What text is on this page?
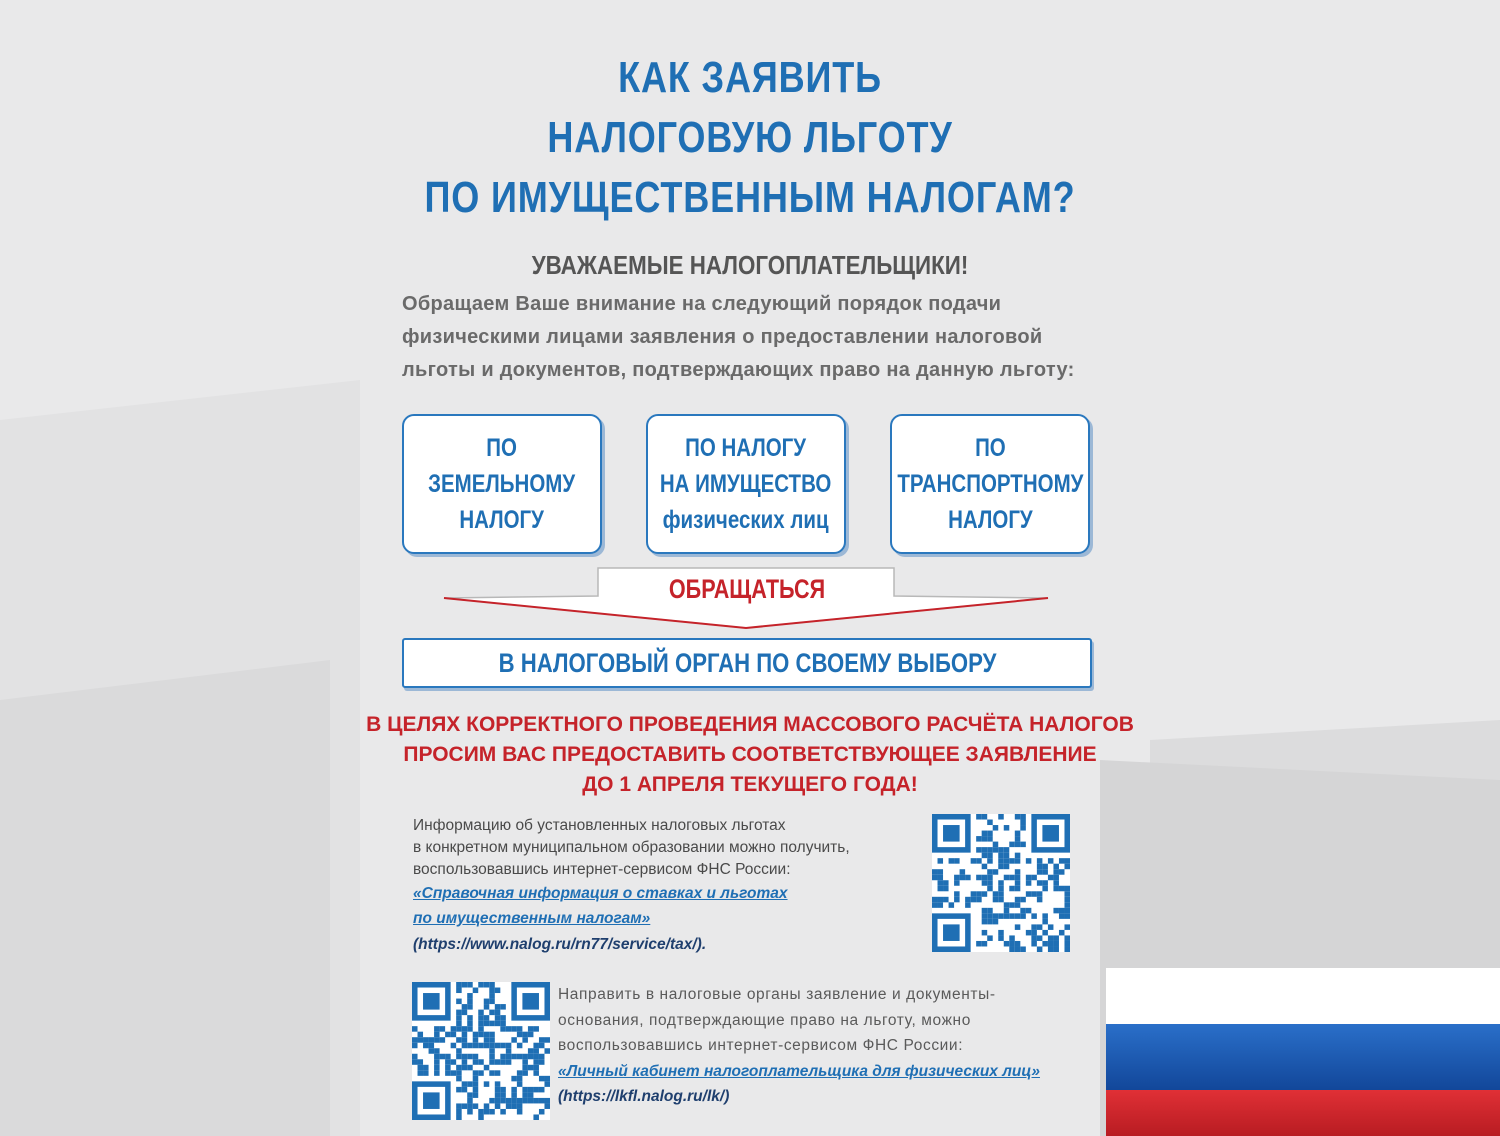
КАК ЗАЯВИТЬ
НАЛОГОВУЮ ЛЬГОТУ
ПО ИМУЩЕСТВЕННЫМ НАЛОГАМ?
УВАЖАЕМЫЕ НАЛОГОПЛАТЕЛЬЩИКИ!
Обращаем Ваше внимание на следующий порядок подачи
физическими лицами заявления о предоставлении налоговой
льготы и документов, подтверждающих право на данную льготу:
ПО
ЗЕМЕЛЬНОМУ
НАЛОГУ
ПО НАЛОГУ
НА ИМУЩЕСТВО
физических лиц
ПО
ТРАНСПОРТНОМУ
НАЛОГУ
ОБРАЩАТЬСЯ
В НАЛОГОВЫЙ ОРГАН ПО СВОЕМУ ВЫБОРУ
В ЦЕЛЯХ КОРРЕКТНОГО ПРОВЕДЕНИЯ МАССОВОГО РАСЧЁТА НАЛОГОВ
ПРОСИМ ВАС ПРЕДОСТАВИТЬ СООТВЕТСТВУЮЩЕЕ ЗАЯВЛЕНИЕ
ДО 1 АПРЕЛЯ ТЕКУЩЕГО ГОДА!
Информацию об установленных налоговых льготах
в конкретном муниципальном образовании можно получить,
воспользовавшись интернет-сервисом ФНС России:
«Справочная информация о ставках и льготах
по имущественным налогам»
(https://www.nalog.ru/rn77/service/tax/).
Направить в налоговые органы заявление и документы-
основания, подтверждающие право на льготу, можно
воспользовавшись интернет-сервисом ФНС России:
«Личный кабинет налогоплательщика для физических лиц»
(https://lkfl.nalog.ru/lk/)
